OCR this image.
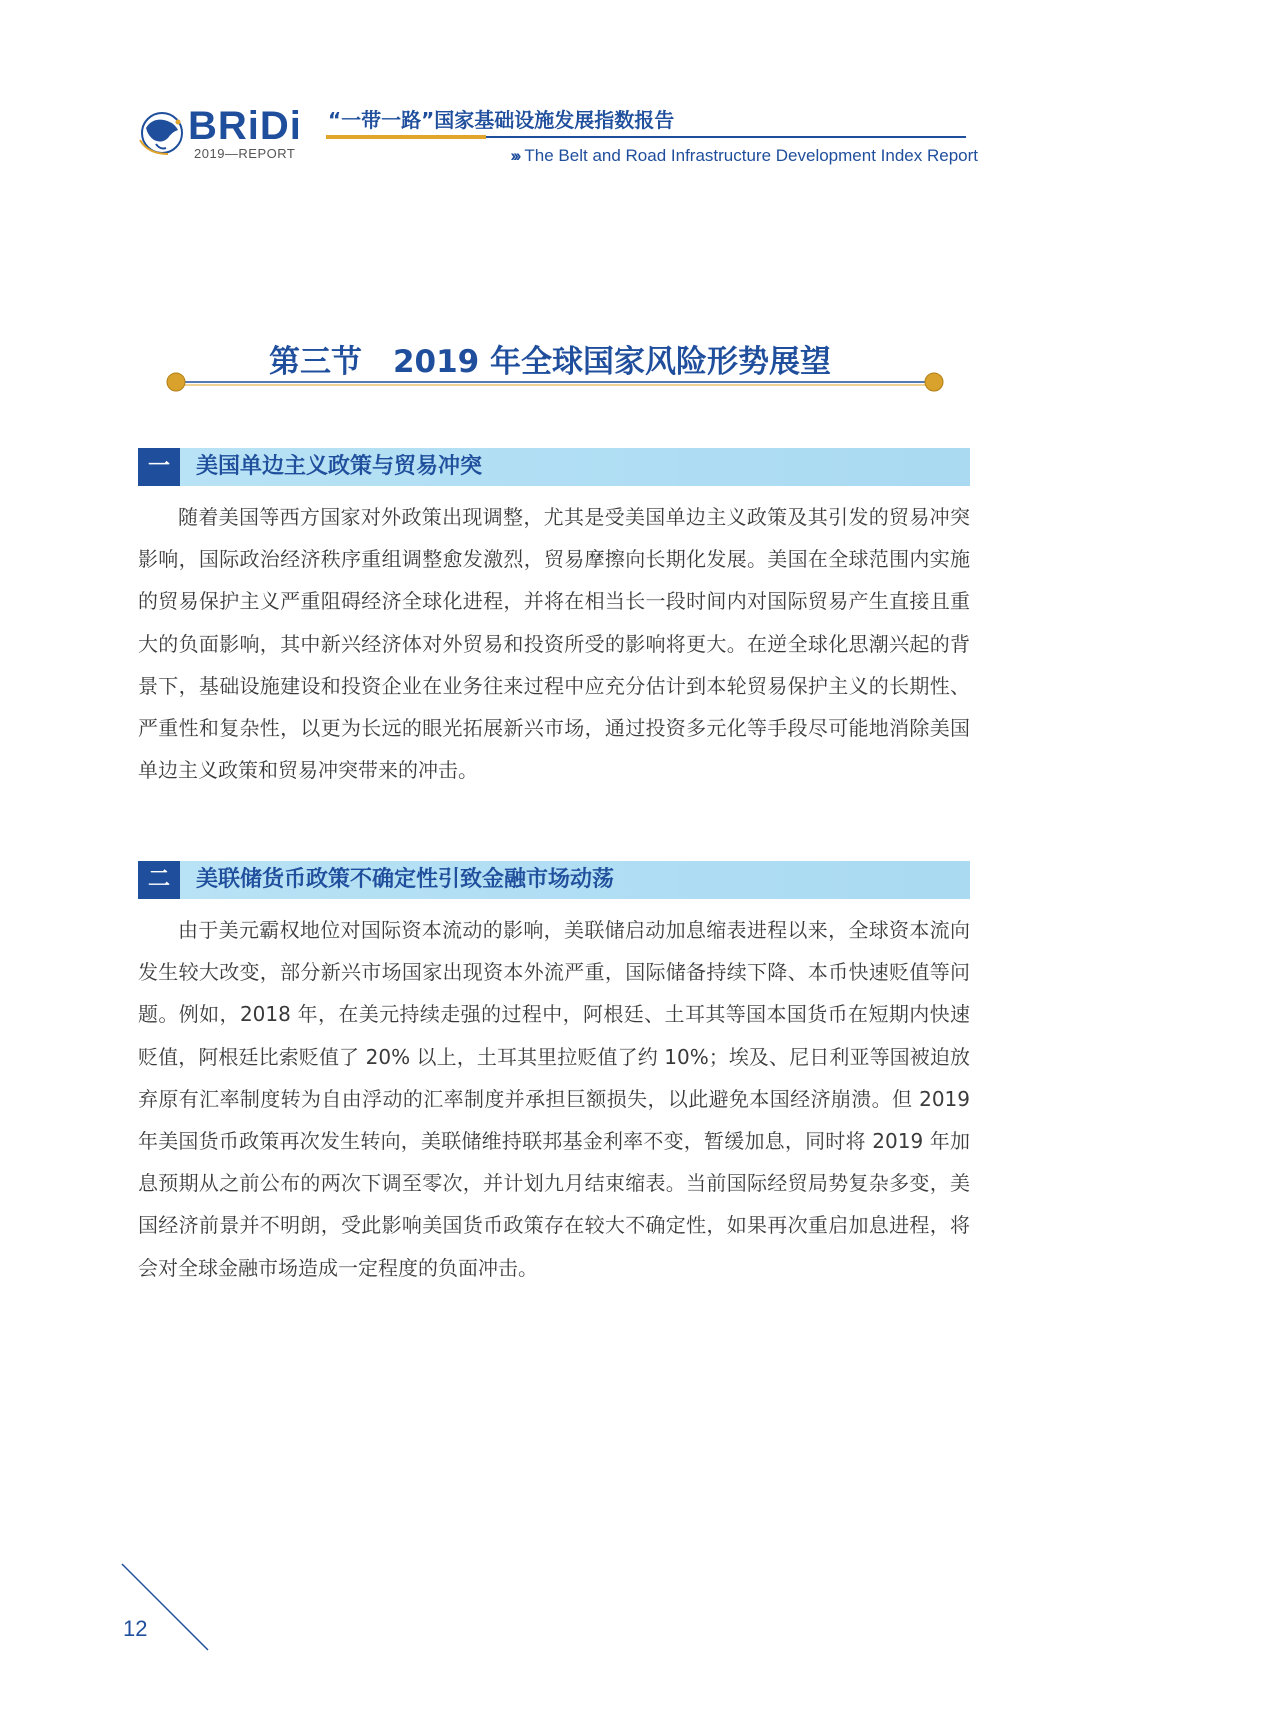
BRiDi
2019—REPORT
“一带一路”国家基础设施发展指数报告
››› The Belt and Road Infrastructure Development Index Report
第三节　2019 年全球国家风险形势展望
一	美国单边主义政策与贸易冲突

随着美国等西方国家对外政策出现调整，尤其是受美国单边主义政策及其引发的贸易冲突影响，国际政治经济秩序重组调整愈发激烈，贸易摩擦向长期化发展。美国在全球范围内实施的贸易保护主义严重阻碍经济全球化进程，并将在相当长一段时间内对国际贸易产生直接且重大的负面影响，其中新兴经济体对外贸易和投资所受的影响将更大。在逆全球化思潮兴起的背景下，基础设施建设和投资企业在业务往来过程中应充分估计到本轮贸易保护主义的长期性、严重性和复杂性，以更为长远的眼光拓展新兴市场，通过投资多元化等手段尽可能地消除美国单边主义政策和贸易冲突带来的冲击。

二	美联储货币政策不确定性引致金融市场动荡

由于美元霸权地位对国际资本流动的影响，美联储启动加息缩表进程以来，全球资本流向发生较大改变，部分新兴市场国家出现资本外流严重，国际储备持续下降、本币快速贬值等问题。例如，2018 年，在美元持续走强的过程中，阿根廷、土耳其等国本国货币在短期内快速贬值，阿根廷比索贬值了 20% 以上，土耳其里拉贬值了约 10%；埃及、尼日利亚等国被迫放弃原有汇率制度转为自由浮动的汇率制度并承担巨额损失，以此避免本国经济崩溃。但 2019 年美国货币政策再次发生转向，美联储维持联邦基金利率不变，暂缓加息，同时将 2019 年加息预期从之前公布的两次下调至零次，并计划九月结束缩表。当前国际经贸局势复杂多变，美国经济前景并不明朗，受此影响美国货币政策存在较大不确定性，如果再次重启加息进程，将会对全球金融市场造成一定程度的负面冲击。

12
